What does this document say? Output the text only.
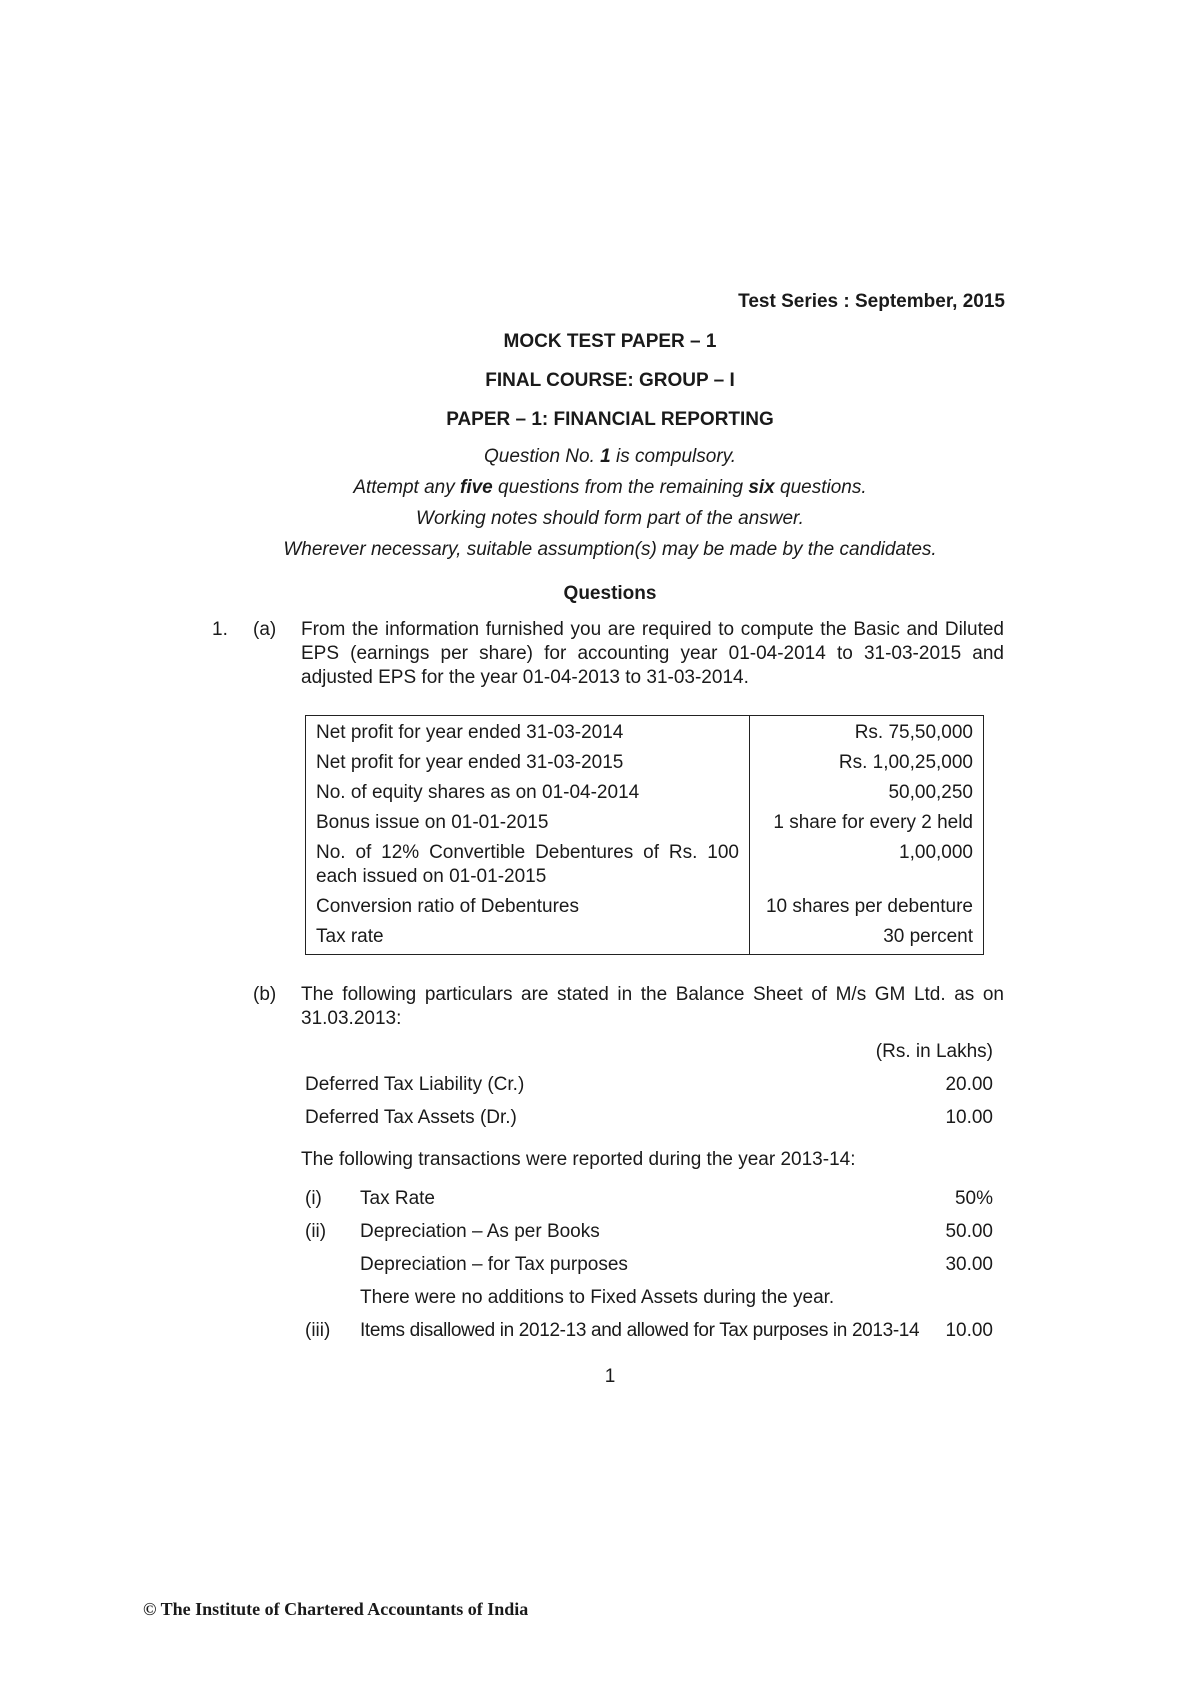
Test Series : September, 2015
MOCK TEST PAPER – 1
FINAL COURSE: GROUP – I
PAPER – 1: FINANCIAL REPORTING
Question No. 1 is compulsory.
Attempt any five questions from the remaining six questions.
Working notes should form part of the answer.
Wherever necessary, suitable assumption(s) may be made by the candidates.
Questions
1. (a) From the information furnished you are required to compute the Basic and Diluted EPS (earnings per share) for accounting year 01-04-2014 to 31-03-2015 and adjusted EPS for the year 01-04-2013 to 31-03-2014.
Net profit for year ended 31-03-2014	Rs. 75,50,000
Net profit for year ended 31-03-2015	Rs. 1,00,25,000
No. of equity shares as on 01-04-2014	50,00,250
Bonus issue on 01-01-2015	1 share for every 2 held
No. of 12% Convertible Debentures of Rs. 100 each issued on 01-01-2015	1,00,000
Conversion ratio of Debentures	10 shares per debenture
Tax rate	30 percent
(b) The following particulars are stated in the Balance Sheet of M/s GM Ltd. as on 31.03.2013:
(Rs. in Lakhs)
Deferred Tax Liability (Cr.)	20.00
Deferred Tax Assets (Dr.)	10.00
The following transactions were reported during the year 2013-14:
(i) Tax Rate	50%
(ii) Depreciation – As per Books	50.00
Depreciation – for Tax purposes	30.00
There were no additions to Fixed Assets during the year.
(iii) Items disallowed in 2012-13 and allowed for Tax purposes in 2013-14 10.00
1
© The Institute of Chartered Accountants of India
